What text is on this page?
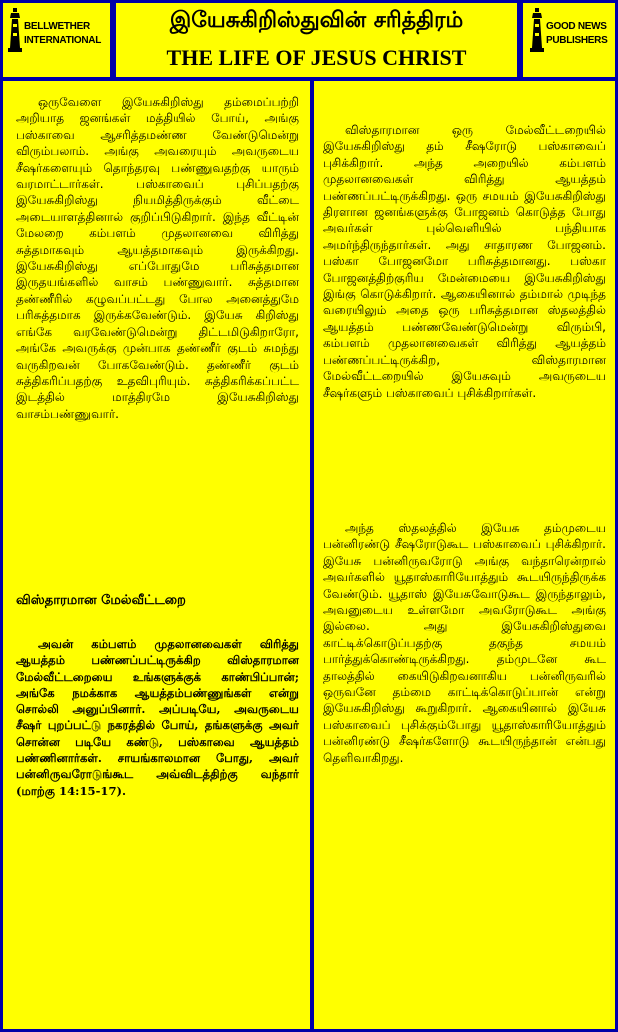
BELLWETHER
INTERNATIONAL
இயேசுகிறிஸ்துவின் சரித்திரம்
THE LIFE OF JESUS CHRIST
GOOD NEWS
PUBLISHERS

ஒருவேளை இயேசுகிறிஸ்து தம்மைப்பற்றி அறியாத ஜனங்கள் மத்தியில் போய், அங்கு பஸ்காவை ஆசரித்தமண்ண வேண்டுமென்று விரும்பலாம். அங்கு அவரையும் அவருடைய சீஷர்களையும் தொந்தரவு பண்ணுவதற்கு யாரும் வரமாட்டார்கள். பஸ்காவைப் புசிப்பதற்கு இயேசுகிறிஸ்து நியமித்திருக்கும் வீட்டை அடையாளத்தினால் குறிப்பிடுகிறார். இந்த வீட்டின் மேலறை கம்பளம் முதலானவை விரித்து சுத்தமாகவும் ஆயத்தமாகவும் இருக்கிறது. இயேசுகிறிஸ்து எப்போதுமே பரிசுத்தமான இருதயங்களில் வாசம் பண்ணுவார். சுத்தமான தண்ணீரில் கழுவப்பட்டது போல அனைத்துமே பரிசுத்தமாக இருக்கவேண்டும். இயேசு கிறிஸ்து எங்கே வரவேண்டுமென்று திட்டமிடுகிறாரோ, அங்கே அவருக்கு முன்பாக தண்ணீர் குடம் சுமந்து வருகிறவன் போகவேண்டும். தண்ணீர் குடம் சுத்திகரிப்பதற்கு உதவிபுரியும். சுத்திகரிக்கப்பட்ட இடத்தில் மாத்திரமே இயேசுகிறிஸ்து வாசம்பண்ணுவார்.

விஸ்தாரமான மேல்வீட்டறை

அவன் கம்பளம் முதலானவைகள் விரித்து ஆயத்தம் பண்ணப்பட்டிருக்கிற விஸ்தாரமான மேல்வீட்டறையை உங்களுக்குக் காண்பிப்பான்; அங்கே நமக்காக ஆயத்தம்பண்ணுங்கள் என்று சொல்லி அனுப்பினார். அப்படியே, அவருடைய சீஷர் புறப்பட்டு நகரத்தில் போய், தங்களுக்கு அவர் சொன்ன படியே கண்டு, பஸ்காவை ஆயத்தம் பண்ணினார்கள். சாயங்காலமான போது, அவர் பன்னிருவரோடுங்கூட அவ்விடத்திற்கு வந்தார் (மாற்கு 14:15-17).

விஸ்தாரமான ஒரு மேல்வீட்டறையில் இயேசுகிறிஸ்து தம் சீஷரோடு பஸ்காவைப் புசிக்கிறார். அந்த அறையில் கம்பளம் முதலானவைகள் விரித்து ஆயத்தம் பண்ணப்பட்டிருக்கிறது. ஒரு சமயம் இயேசுகிறிஸ்து திரளான ஜனங்களுக்கு போஜனம் கொடுத்த போது அவர்கள் புல்வெளியில் பந்தியாக அமர்ந்திருந்தார்கள். அது சாதாரண போஜனம். பஸ்கா போஜனமோ பரிசுத்தமானது. பஸ்கா போஜனத்திற்குரிய மேன்மையை இயேசுகிறிஸ்து இங்கு கொடுக்கிறார். ஆகையினால் தம்மால் முடிந்த வரையிலும் அதை ஒரு பரிசுத்தமான ஸ்தலத்தில் ஆயத்தம் பண்ணவேண்டுமென்று விரும்பி, கம்பளம் முதலானவைகள் விரித்து ஆயத்தம் பண்ணப்பட்டிருக்கிற, விஸ்தாரமான மேல்வீட்டறையில் இயேசுவும் அவருடைய சீஷர்களும் பஸ்காவைப் புசிக்கிறார்கள்.

அந்த ஸ்தலத்தில் இயேசு தம்முடைய பன்னிரண்டு சீஷரோடுகூட பஸ்காவைப் புசிக்கிறார். இயேசு பன்னிருவரோடு அங்கு வந்தாரென்றால் அவர்களில் யூதாஸ்காரியோத்தும் கூடயிருந்திருக்க வேண்டும். யூதாஸ் இயேசுவோடுகூட இருந்தாலும், அவனுடைய உள்ளமோ அவரோடுகூட அங்கு இல்லை. அது இயேசுகிறிஸ்துவை காட்டிக்கொடுப்பதற்கு தகுந்த சமயம் பார்த்துக்கொண்டிருக்கிறது. தம்முடனே கூட தாலத்தில் கையிடுகிறவனாகிய பன்னிருவரில் ஒருவனே தம்மை காட்டிக்கொடுப்பான் என்று இயேசுகிறிஸ்து கூறுகிறார். ஆகையினால் இயேசு பஸ்காவைப் புசிக்கும்போது யூதாஸ்காரியோத்தும் பன்னிரண்டு சீஷர்களோடு கூடயிருந்தான் என்பது தெளிவாகிறது.
